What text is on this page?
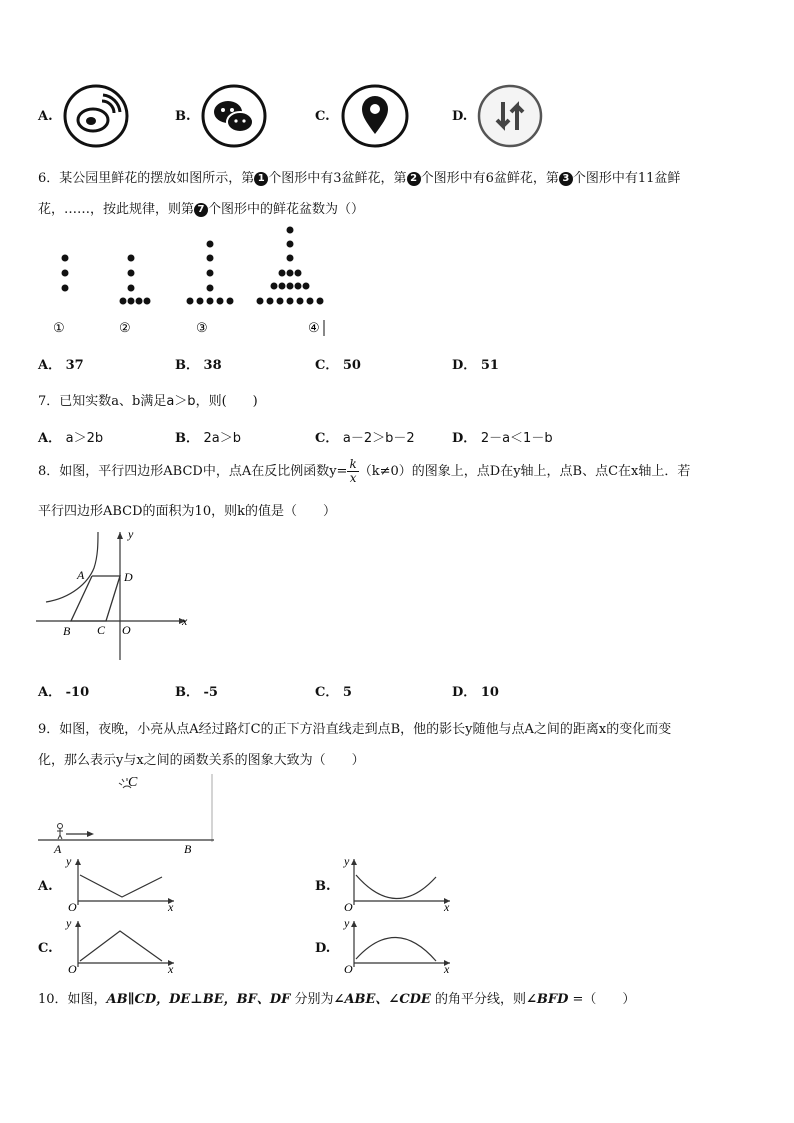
A.	B.	C.	D.
6．某公园里鲜花的摆放如图所示，第 1 个图形中有3盆鲜花，第 2 个图形中有6盆鲜花，第 3 个图形中有11盆鲜
花，……，按此规律，则第 7 个图形中的鲜花盆数为（）
①	②	③	④
A． 37	B． 38	C． 50	D． 51
7．已知实数a、b满足a＞b，则(　　)
A． a＞2b	B． 2a＞b	C． a－2＞b－2	D． 2－a＜1－b
8．如图，平行四边形ABCD中，点A在反比例函数$y= \frac{k}{x} (k\ne 0)$的图象上，点D在y轴上，点B、点C在x轴上．若
平行四边形ABCD的面积为10，则k的值是（　　）
y
x
A	D
B C O
A． -10	B． -5	C． 5	D． 10
9．如图，夜晚，小亮从点A经过路灯C的正下方沿直线走到点B，他的影长y随他与点A之间的距离x的变化而变
化，那么表示y与x之间的函数关系的图象大致为（　　）
C
A	B
A.
y
O	x
B.
y
O	x
C.
y
O	x
D.
y
O	x
10．如图，AB∥CD，DE⊥BE，BF、DF 分别为∠ABE、∠CDE 的角平分线，则∠BFD =（　　）
